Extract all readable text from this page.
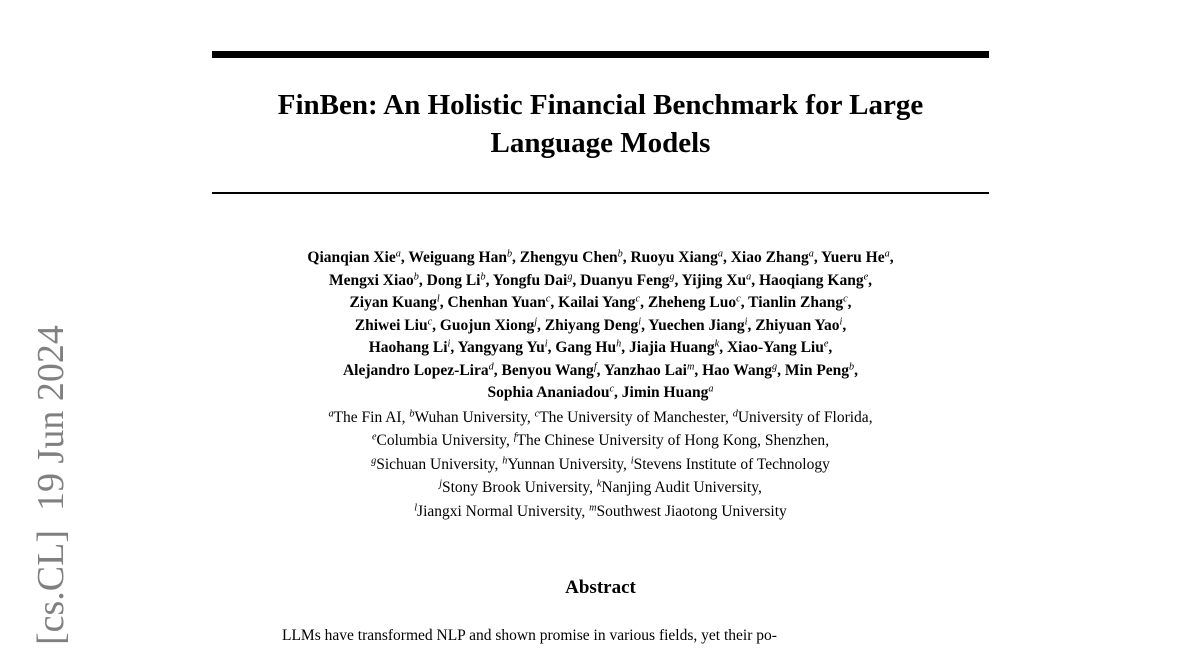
FinBen: An Holistic Financial Benchmark for Large
Language Models
Qianqian Xie$^a$, Weiguang Han$^b$, Zhengyu Chen$^b$, Ruoyu Xiang$^a$, Xiao Zhang$^a$, Yueru He$^a$,
Mengxi Xiao$^b$, Dong Li$^b$, Yongfu Dai$^g$, Duanyu Feng$^g$, Yijing Xu$^a$, Haoqiang Kang$^e$,
Ziyan Kuang$^l$, Chenhan Yuan$^c$, Kailai Yang$^c$, Zheheng Luo$^c$, Tianlin Zhang$^c$,
Zhiwei Liu$^c$, Guojun Xiong$^j$, Zhiyang Deng$^i$, Yuechen Jiang$^i$, Zhiyuan Yao$^i$,
Haohang Li$^i$, Yangyang Yu$^i$, Gang Hu$^h$, Jiajia Huang$^k$, Xiao-Yang Liu$^e$,
Alejandro Lopez-Lira$^d$, Benyou Wang$^f$, Yanzhao Lai$^m$, Hao Wang$^g$, Min Peng$^b$,
Sophia Ananiadou$^c$, Jimin Huang$^a$
$^a$The Fin AI, $^b$Wuhan University, $^c$The University of Manchester, $^d$University of Florida,
$^e$Columbia University, $^f$The Chinese University of Hong Kong, Shenzhen,
$^g$Sichuan University, $^h$Yunnan University, $^i$Stevens Institute of Technology
$^j$Stony Brook University, $^k$Nanjing Audit University,
$^l$Jiangxi Normal University, $^m$Southwest Jiaotong University
Abstract

LLMs have transformed NLP and shown promise in various fields, yet their po-

[cs.CL]  19 Jun 2024
